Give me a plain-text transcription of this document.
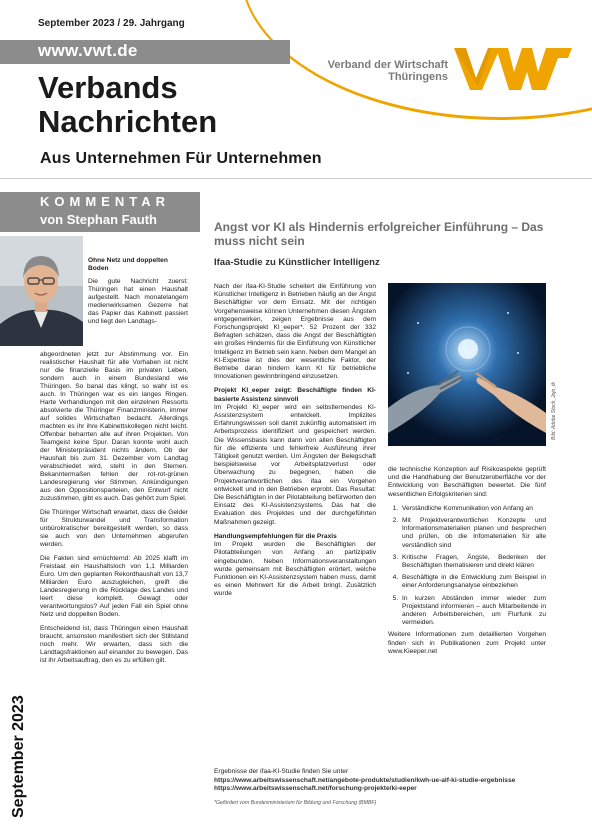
September 2023 / 29. Jahrgang
www.vwt.de
Verband der Wirtschaft
Thüringens
Verbands
Nachrichten
Aus Unternehmen Für Unternehmen
KOMMENTAR
von Stephan Fauth
Ohne Netz und doppelten Boden
Die gute Nachricht zuerst: Thüringen hat einen Haushalt aufgestellt. Nach monatelangem medienwirksamen Gezerre hat das Papier das Kabinett passiert und liegt den Landtags-

abgeordneten jetzt zur Abstimmung vor. Ein realistischer Haushalt für alle Vorhaben ist nicht nur die finanzielle Basis im privaten Leben, sondern auch in einem Bundesland wie Thüringen. So banal das klingt, so wahr ist es auch. In Thüringen war es ein langes Ringen. Harte Verhandlungen mit den einzelnen Ressorts absolvierte die Thüringer Finanzministerin, immer auf solides Wirtschaften bedacht. Allerdings machten es ihr ihre Kabinettskollegen nicht leicht. Offenbar beharrten alle auf ihren Projekten. Von Teamgeist keine Spur. Daran konnte wohl auch der Ministerpräsident nichts ändern. Ob der Haushalt bis zum 31. Dezember vom Landtag verabschiedet wird, steht in den Sternen. Bekanntermaßen fehlen der rot-rot-grünen Landesregierung vier Stimmen. Ankündigungen aus den Oppositionsparteien, den Entwurf nicht zuzustimmen, gibt es auch. Das gehört zum Spiel.

Die Thüringer Wirtschaft erwartet, dass die Gelder für Strukturwandel und Transformation unbürokratischer bereitgestellt werden, so dass sie auch von den Unternehmen abgerufen werden.

Die Fakten sind ernüchternd: Ab 2025 klafft im Freistaat ein Haushaltsloch von 1,1 Milliarden Euro. Um den geplanten Rekordhaushalt von 13,7 Milliarden Euro auszugleichen, greift die Landesregierung in die Rücklage des Landes und leert diese komplett. Gewagt oder verantwortungslos? Auf jeden Fall ein Spiel ohne Netz und doppelten Boden.

Entscheidend ist, dass Thüringen einen Haushalt braucht, ansonsten manifestiert sich der Stillstand noch mehr. Wir erwarten, dass sich die Landtagsfraktionen auf einander zu bewegen. Das ist ihr Arbeitsauftrag, den es zu erfüllen gilt.

September 2023
Angst vor KI als Hindernis erfolgreicher Einführung – Das muss nicht sein
Ifaa-Studie zu Künstlicher Intelligenz
Bild: Adobe Stock_Jojo_tk

Nach der ifaa-KI-Studie scheitert die Einführung von Künstlicher Intelligenz in Betrieben häufig an der Angst Beschäftigter vor dem Einsatz. Mit der richtigen Vorgehensweise können Unternehmen diesen Ängsten entgegenwirken, zeigen Ergebnisse aus dem Forschungsprojekt KI_eeper*. 52 Prozent der 332 Befragten schätzen, dass die Angst der Beschäftigten ein großes Hindernis für die Einführung von Künstlicher Intelligenz im Betrieb sein kann. Neben dem Mangel an KI-Expertise ist dies der wesentliche Faktor, der Betriebe daran hindern kann KI für betriebliche Innovationen gewinnbringend einzusetzen.

Projekt KI_eeper zeigt: Beschäftigte finden KI-basierte Assistenz sinnvoll

Im Projekt KI_eeper wird ein selbstlernendes KI-Assistenzsystem entwickelt. Implizites Erfahrungswissen soll damit zukünftig automatisiert im Arbeitsprozess identifiziert und gespeichert werden. Die Wissensbasis kann dann von allen Beschäftigten für die effiziente und fehlerfreie Ausführung ihrer Tätigkeit genutzt werden. Um Ängsten der Belegschaft beispielsweise vor Arbeitsplatzverlust oder Überwachung zu begegnen, haben die Projektverantwortlichen des ifaa ein Vorgehen entwickelt und in den Betrieben erprobt. Das Resultat: Die Beschäftigten in der Pilotabteilung befürworten den Einsatz des KI-Assistenzsystems. Das hat die Evaluation des Projektes und der durchgeführten Maßnahmen gezeigt.

Handlungsempfehlungen für die Praxis

Im Projekt wurden die Beschäftigten der Pilotabteilungen von Anfang an partizipativ eingebunden. Neben Informationsveranstaltungen wurde gemeinsam mit Beschäftigten erörtert, welche Funktionen ein KI-Assistenzsystem haben muss, damit es einen Mehrwert für die Arbeit bringt. Zusätzlich wurde

die technische Konzeption auf Risikoaspekte geprüft und die Handhabung der Benutzeroberfläche vor der Entwicklung von Beschäftigten bewertet. Die fünf wesentlichen Erfolgskriterien sind:

1. Verständliche Kommunikation von Anfang an
2. Mit Projektverantwortlichen Konzepte und Informationsmaterialien planen und besprechen und prüfen, ob die Infomaterialien für alle verständlich sind
3. Kritische Fragen, Ängste, Bedenken der Beschäftigten thematisieren und direkt klären
4. Beschäftigte in die Entwicklung zum Beispiel in einer Anforderungsanalyse einbeziehen
5. In kurzen Abständen immer wieder zum Projektstand informieren – auch Mitarbeitende in anderen Arbeitsbereichen, um Flurfunk zu vermeiden.

Weitere Informationen zum detaillierten Vorgehen finden sich in Publikationen zum Projekt unter www.Kieeper.net

Ergebnisse der ifaa-KI-Studie finden Sie unter
https://www.arbeitswissenschaft.net/angebote-produkte/studien/kwh-ue-alf-ki-studie-ergebnisse
https://www.arbeitswissenschaft.net/forschung-projekte/ki-eeper
*Gefördert vom Bundesministerium für Bildung und Forschung (BMBF)
